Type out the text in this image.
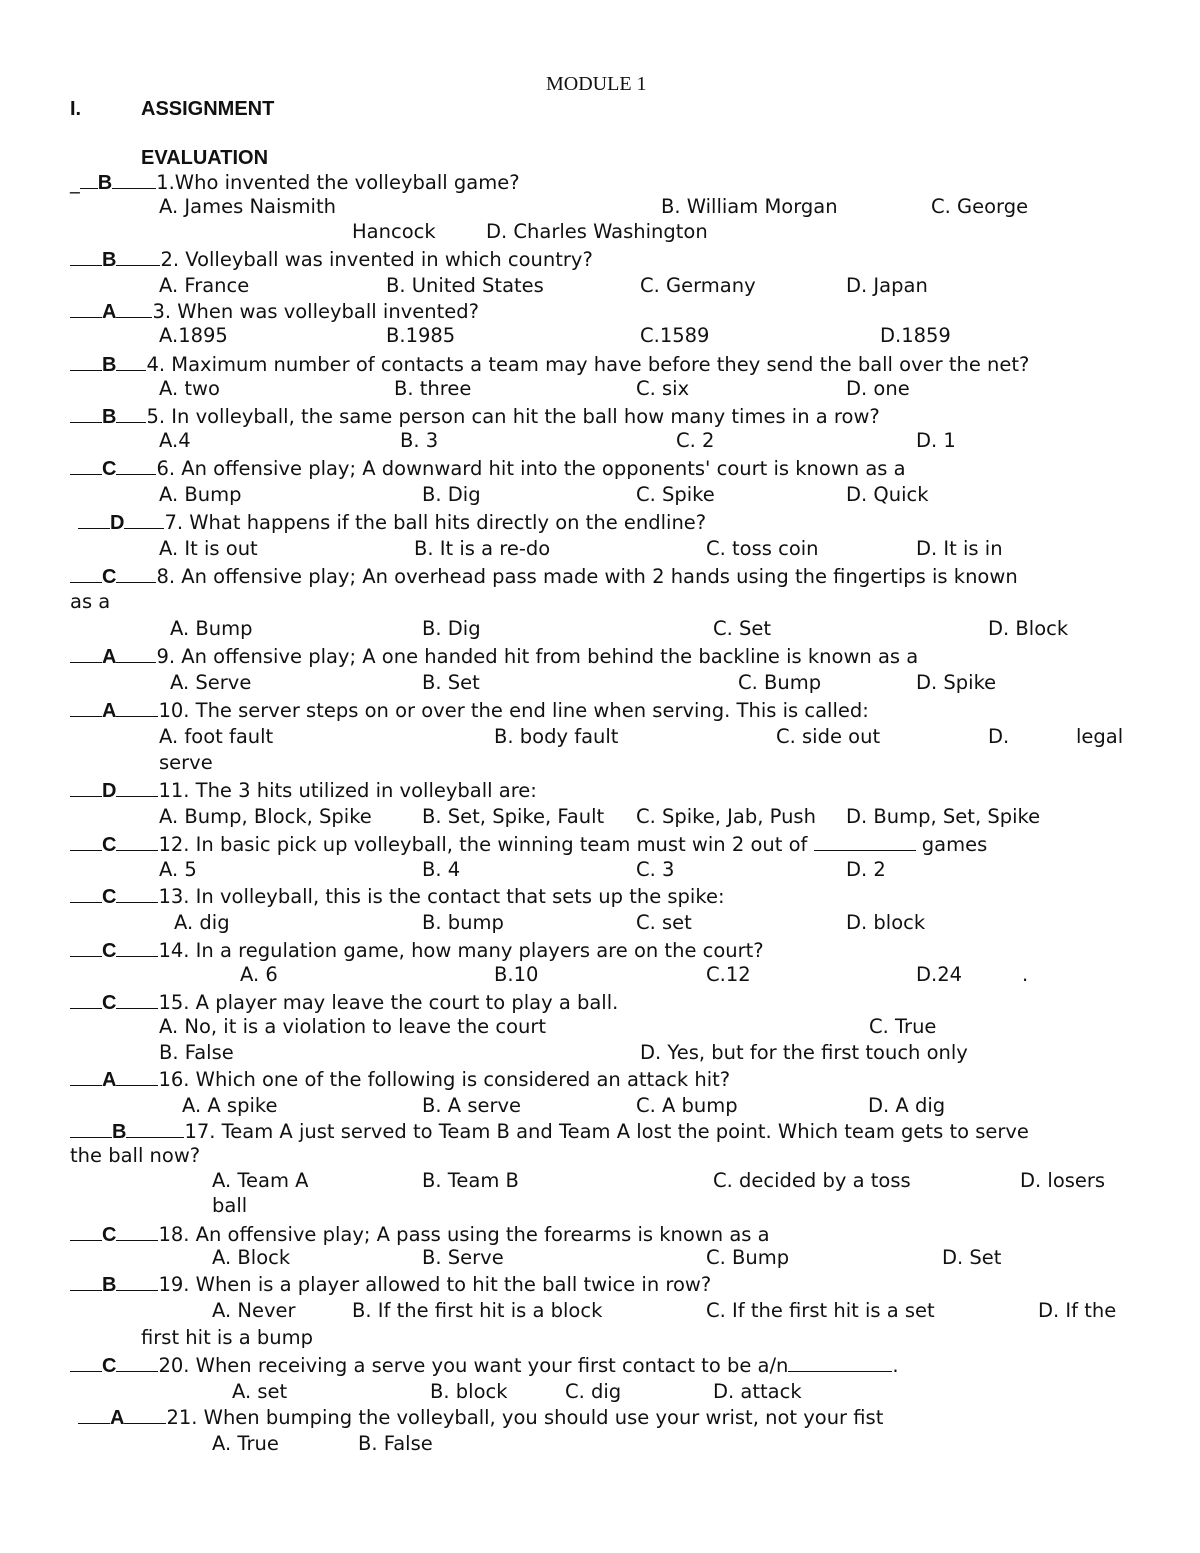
MODULE 1
I.	ASSIGNMENT
EVALUATION
_ B 1.Who invented the volleyball game?
A. James Naismith	B. William Morgan	C. George
Hancock	D. Charles Washington
B 2. Volleyball was invented in which country?
A. France	B. United States	C. Germany	D. Japan
A 3. When was volleyball invented?
A.1895	B.1985	C.1589	D.1859
B 4. Maximum number of contacts a team may have before they send the ball over the net?
A. two	B. three	C. six	D. one
B 5. In volleyball, the same person can hit the ball how many times in a row?
A.4	B. 3	C. 2	D. 1
C 6. An offensive play; A downward hit into the opponents' court is known as a
A. Bump	B. Dig	C. Spike	D. Quick
D 7. What happens if the ball hits directly on the endline?
A. It is out	B. It is a re-do	C. toss coin	D. It is in
C 8. An offensive play; An overhead pass made with 2 hands using the fingertips is known
as a
A. Bump	B. Dig	C. Set	D. Block
A 9. An offensive play; A one handed hit from behind the backline is known as a
A. Serve	B. Set	C. Bump	D. Spike
A 10. The server steps on or over the end line when serving. This is called:
A. foot fault	B. body fault	C. side out	D.	legal
serve
D 11. The 3 hits utilized in volleyball are:
A. Bump, Block, Spike	B. Set, Spike, Fault C. Spike, Jab, Push D. Bump, Set, Spike
C 12. In basic pick up volleyball, the winning team must win 2 out of	games
A. 5	B. 4	C. 3	D. 2
C 13. In volleyball, this is the contact that sets up the spike:
A. dig	B. bump	C. set	D. block
C 14. In a regulation game, how many players are on the court?
A. 6	B.10	C.12	D.24	.
C 15. A player may leave the court to play a ball.
A. No, it is a violation to leave the court	C. True
B. False	D. Yes, but for the first touch only
A 16. Which one of the following is considered an attack hit?
A. A spike	B. A serve	C. A bump	D. A dig
B	17. Team A just served to Team B and Team A lost the point. Which team gets to serve
the ball now?
A. Team A	B. Team B	C. decided by a toss	D. losers
ball
C 18. An offensive play; A pass using the forearms is known as a
A. Block	B. Serve	C. Bump	D. Set
B 19. When is a player allowed to hit the ball twice in row?
A. Never	B. If the first hit is a block	C. If the first hit is a set	D. If the
first hit is a bump
C 20. When receiving a serve you want your first contact to be a/n	.
A. set	B. block	C. dig	D. attack
A 21. When bumping the volleyball, you should use your wrist, not your fist
A. True	B. False
